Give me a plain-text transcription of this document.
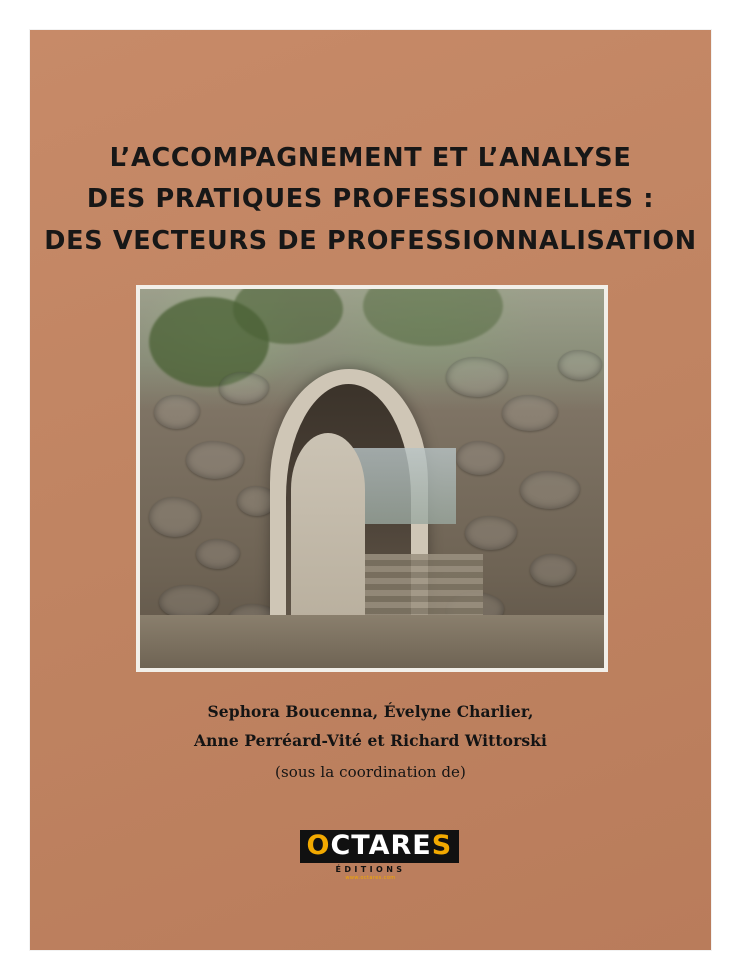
L’ACCOMPAGNEMENT ET L’ANALYSE
DES PRATIQUES PROFESSIONNELLES :
DES VECTEURS DE PROFESSIONNALISATION
Sephora Boucenna, Évelyne Charlier,
Anne Perréard-Vité et Richard Wittorski
(sous la coordination de)
OCTARES
ÉDITIONS
www.octares.com
